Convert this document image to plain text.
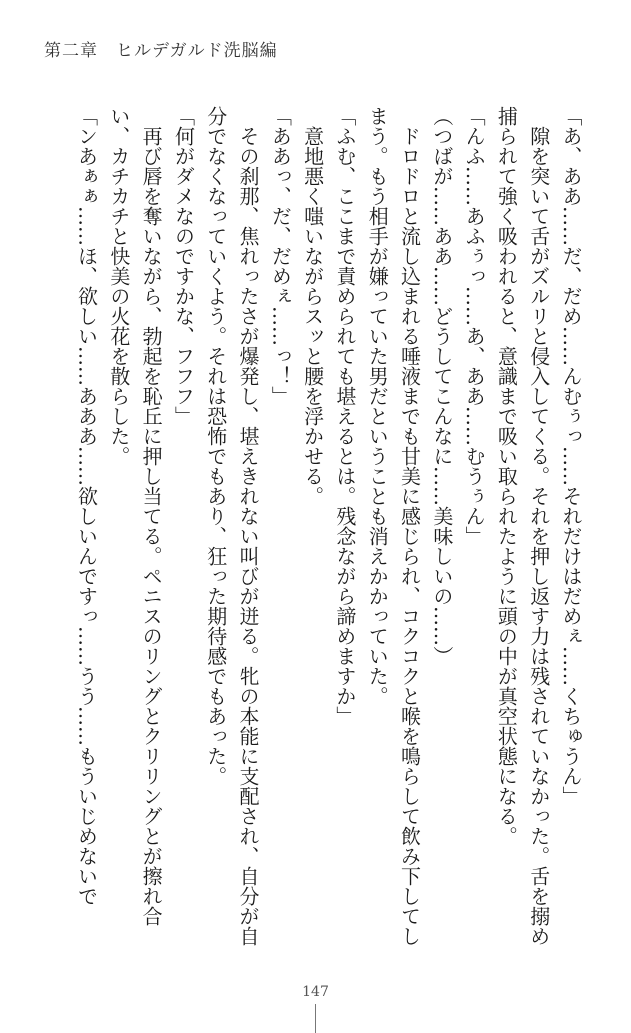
第二章　ヒルデガルド洗脳編

「あ、ああ……だ、だめ……んむぅっ……それだけはだめぇ……くちゅうん」

　隙を突いて舌がズルリと侵入してくる。それを押し返す力は残されていなかった。舌を搦め捕られて強く吸われると、意識まで吸い取られたように頭の中が真空状態になる。

「んふ……あふぅっ……あ、ああ……むうぅん」

（つばが……ああ……どうしてこんなに……美味しいの……）

　ドロドロと流し込まれる唾液までも甘美に感じられ、コクコクと喉を鳴らして飲み下してしまう。もう相手が嫌っていた男だということも消えかかっていた。

「ふむ、ここまで責められても堪えるとは。残念ながら諦めますか」

　意地悪く嗤いながらスッと腰を浮かせる。

「ああっ、だ、だめぇ……っ！」

　その刹那、焦れったさが爆発し、堪えきれない叫びが迸る。牝の本能に支配され、自分が自分でなくなっていくよう。それは恐怖でもあり、狂った期待感でもあった。

「何がダメなのですかな、フフフ」

　再び唇を奪いながら、勃起を恥丘に押し当てる。ペニスのリングとクリリングとが擦れ合い、カチカチと快美の火花を散らした。

「ンあぁぁ……ほ、欲しい……あああ……欲しいんですっ……うう……もういじめないで

147
